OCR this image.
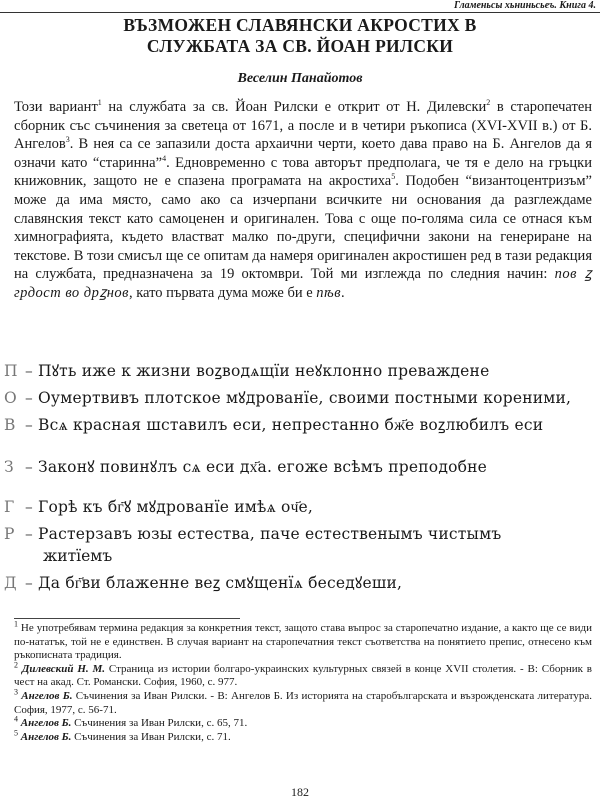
Гламеньсы хьниньсьеъ. Книга 4.
ВЪЗМОЖЕН СЛАВЯНСКИ АКРОСТИХ В
СЛУЖБАТА ЗА СВ. ЙОАН РИЛСКИ
Веселин Панайотов

Този вариант$^1$ на службата за св. Йоан Рилски е открит от Н. Дилевски$^2$ в старопечатен сборник със съчинения за светеца от 1671, а после и в четири ръкописа (XVI-XVII в.) от Б. Ангелов$^3$. В нея са се запазили доста архаични черти, което дава право на Б. Ангелов да я означи като “старинна”$^4$. Едновременно с това авторът предполага, че тя е дело на гръцки книжовник, защото не е спазена програмата на акростиха$^5$. Подобен “византоцентризъм” може да има място, само ако са изчерпани всичките ни основания да разглеждаме славянския текст като самоценен и оригинален. Това с още по-голяма сила се отнася към химнографията, където властват малко по-други, специфични закони на генериране на текстове. В този смисъл ще се опитам да намеря оригинален акростишен ред в тази редакция на службата, предназначена за 19 октомври. Той ми изглежда по следния начин: пов ꙁ грдост во дрꙁнов, като първата дума може би е пѣв.

П – Пꙋть иже к жизни воꙁводѧщїи неꙋклонно преваждене
О – Оумертвивъ плотское мꙋдрованїе, своими постными кореними,
В – Всѧ красная шставилъ еси, непрестанно бж҃е воꙁлюбилъ еси
З – Законꙋ повинꙋлъ сѧ еси дх҃а. егоже всѣмъ преподобне
Г – Горѣ къ бг҃ꙋ мꙋдрованїе имѣѧ оч҃е,
Р – Растерзавъ юзы естества, паче естественымъ чистымъ
житїемъ
Д – Да бг҃ви блаженне веꙁ смꙋщенїѧ беседꙋеши,

$^1$ Не употребявам термина редакция за конкретния текст, защото става въпрос за старопечатно издание, а както ще се види по-нататък, той не е единствен. В случая вариант на старопечатния текст съответства на понятието препис, отнесено към ръкописната традиция.

$^2$ Дилевский Н. М. Страница из истории болгаро-украинских культурных связей в конце XVII столетия. - В: Сборник в чест на акад. Ст. Романски. София, 1960, с. 977.

$^3$ Ангелов Б. Съчинения за Иван Рилски. - В: Ангелов Б. Из историята на старобългарската и възрожденската литература. София, 1977, с. 56-71.

$^4$ Ангелов Б. Съчинения за Иван Рилски, с. 65, 71.

$^5$ Ангелов Б. Съчинения за Иван Рилски, с. 71.

182
